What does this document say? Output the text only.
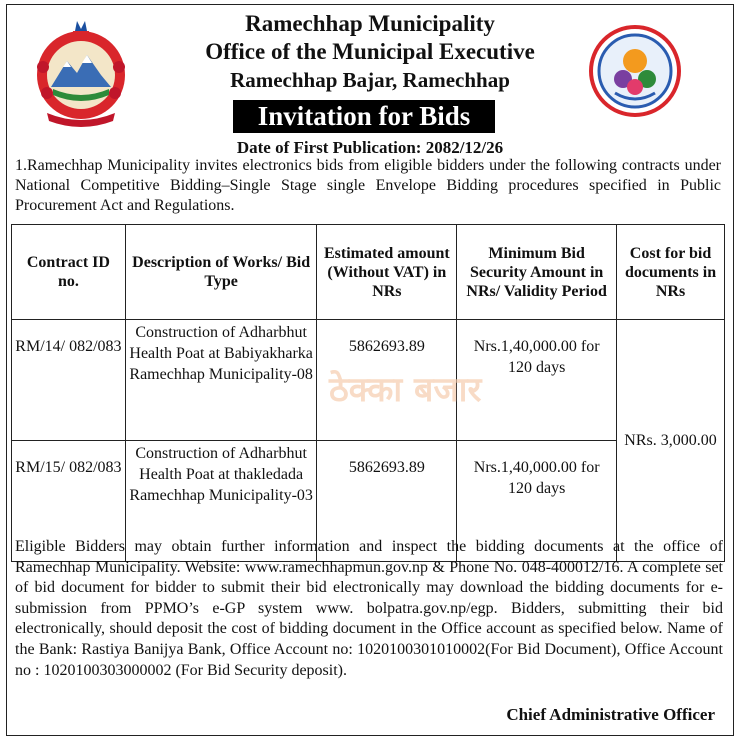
Ramechhap Municipality
Office of the Municipal Executive
Ramechhap Bajar, Ramechhap
Invitation for Bids
Date of First Publication: 2082/12/26
1.Ramechhap Municipality invites electronics bids from eligible bidders under the following contracts under National Competitive Bidding–Single Stage single Envelope Bidding procedures specified in Public Procurement Act and Regulations.
Contract ID no.	Description of Works/ Bid Type	Estimated amount (Without VAT) in NRs	Minimum Bid Security Amount in NRs/ Validity Period	Cost for bid documents in NRs
RM/14/ 082/083	Construction of Adharbhut Health Poat at Babiyakharka Ramechhap Municipality-08	5862693.89	Nrs.1,40,000.00 for 120 days	NRs. 3,000.00
RM/15/ 082/083	Construction of Adharbhut Health Poat at thakledada Ramechhap Municipality-03	5862693.89	Nrs.1,40,000.00 for 120 days	
ठेक्का बजार
Eligible Bidders may obtain further information and inspect the bidding documents at the office of Ramechhap Municipality. Website: www.ramechhapmun.gov.np & Phone No. 048-400012/16. A complete set of bid document for bidder to submit their bid electronically may download the bidding documents for e-submission from PPMO’s e-GP system www. bolpatra.gov.np/egp. Bidders, submitting their bid electronically, should deposit the cost of bidding document in the Office account as specified below. Name of the Bank: Rastiya Banijya Bank, Office Account no: 1020100301010002(For Bid Document), Office Account no : 1020100303000002 (For Bid Security deposit).
Chief Administrative Officer
